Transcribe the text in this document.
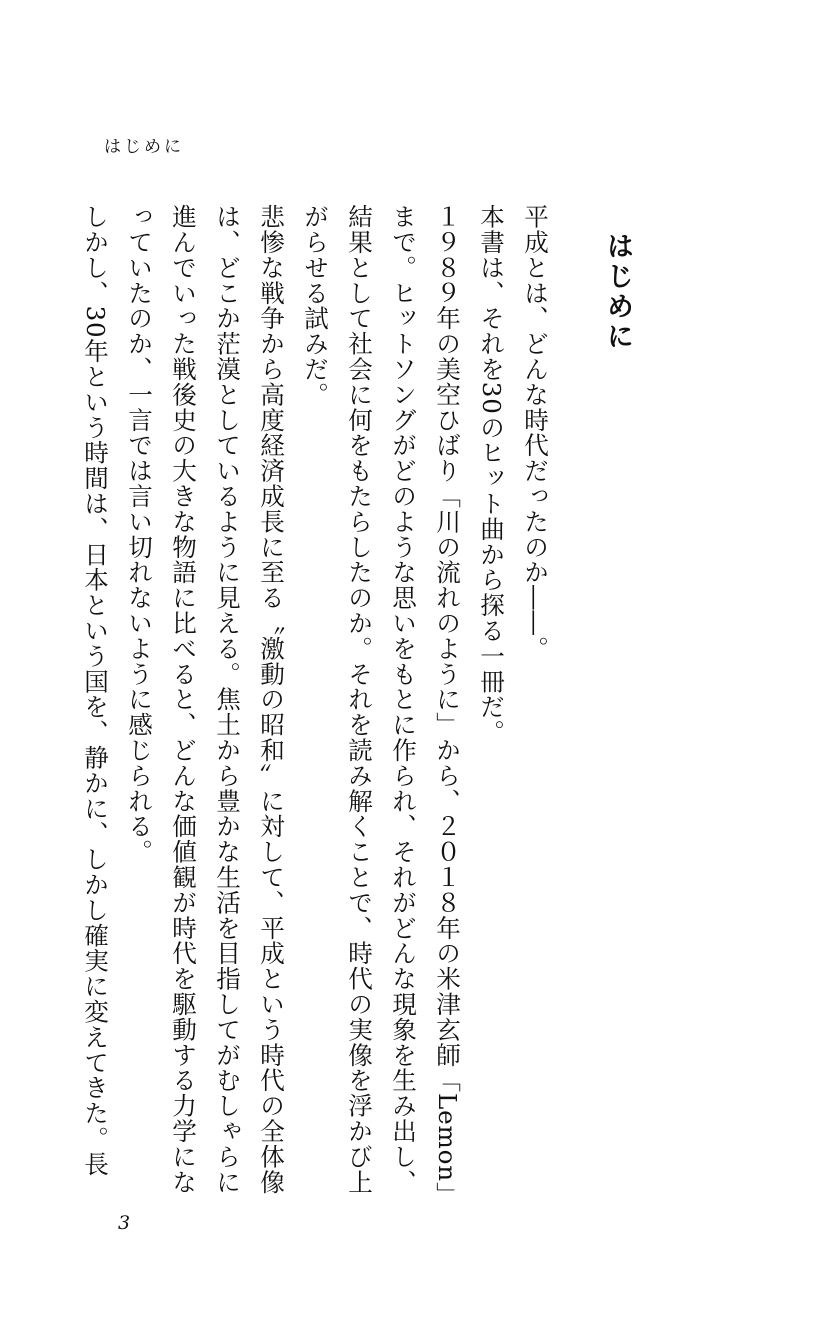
はじめに
はじめに

平成とは、どんな時代だったのか――。

本書は、それを30のヒット曲から探る一冊だ。

１９８９年の美空ひばり「川の流れのように」から、２０１８年の米津玄師「Lemon」まで。ヒットソングがどのような思いをもとに作られ、それがどんな現象を生み出し、結果として社会に何をもたらしたのか。それを読み解くことで、時代の実像を浮かび上がらせる試みだ。

悲惨な戦争から高度経済成長に至る〝激動の昭和〟に対して、平成という時代の全体像は、どこか茫漠としているように見える。焦土から豊かな生活を目指してがむしゃらに進んでいった戦後史の大きな物語に比べると、どんな価値観が時代を駆動する力学になっていたのか、一言では言い切れないように感じられる。

しかし、30年という時間は、日本という国を、静かに、しかし確実に変えてきた。長

3
